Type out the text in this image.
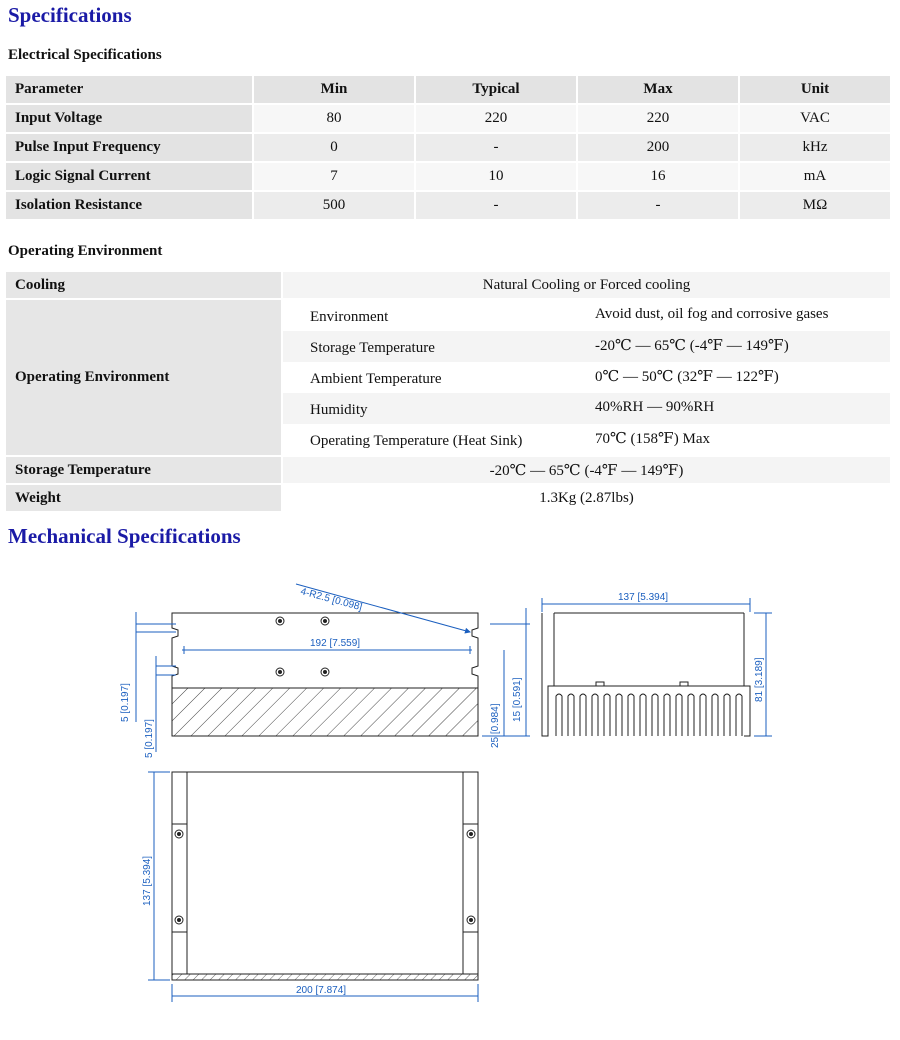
Specifications
Electrical Specifications
Parameter	Min	Typical	Max	Unit
Input Voltage	80	220	220	VAC
Pulse Input Frequency	0	-	200	kHz
Logic Signal Current	7	10	16	mA
Isolation Resistance	500	-	-	MΩ
Operating Environment
Cooling	Natural Cooling or Forced cooling
Operating Environment	
Environment	Avoid dust, oil fog and corrosive gases
Storage Temperature	-20℃ — 65℃ (-4℉ — 149℉)
Ambient Temperature	0℃ — 50℃ (32℉ — 122℉)
Humidity	40%RH — 90%RH
Operating Temperature (Heat Sink)	70℃ (158℉) Max

Storage Temperature	-20℃ — 65℃ (-4℉ — 149℉)
Weight	1.3Kg (2.87lbs)
Mechanical Specifications
4-R2.5 [0.098]
192 [7.559]
5 [0.197]
5 [0.197]	25 [0.984]
15 [0.591]
137 [5.394]
81 [3.189]
137 [5.394]
200 [7.874]
